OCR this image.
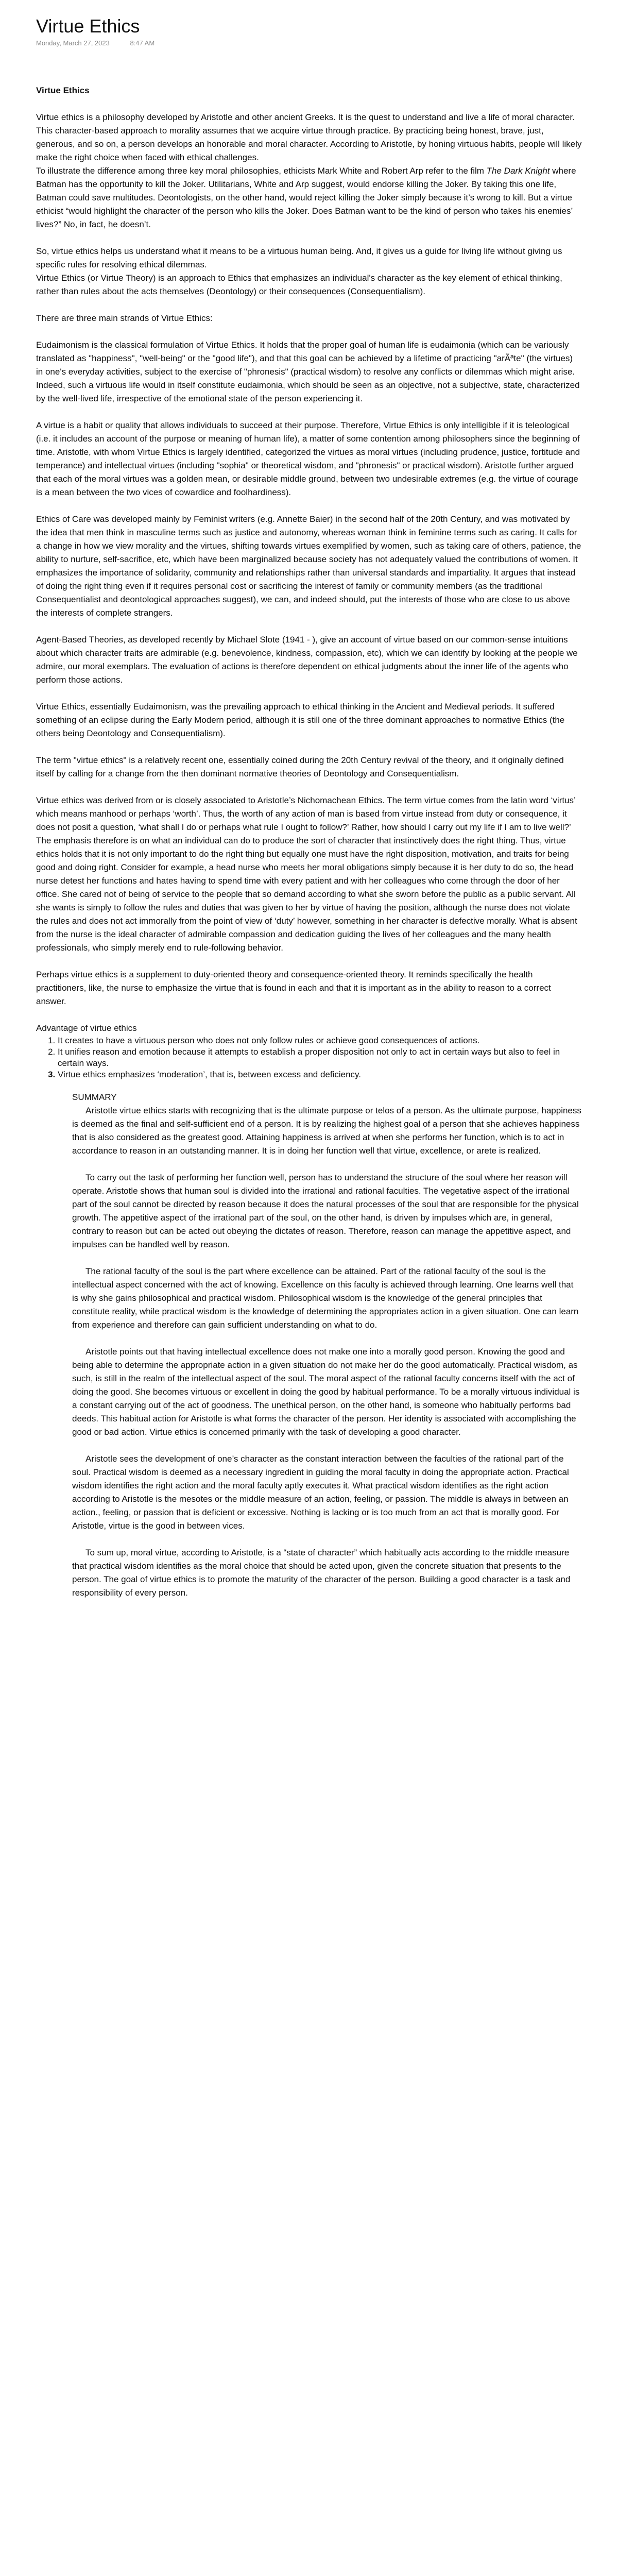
Virtue Ethics
Monday, March 27, 2023	8:47 AM

Virtue Ethics

Virtue ethics is a philosophy developed by Aristotle and other ancient Greeks. It is the quest to understand and live a life of moral character.

This character-based approach to morality assumes that we acquire virtue through practice. By practicing being honest, brave, just, generous, and so on, a person develops an honorable and moral character. According to Aristotle, by honing virtuous habits, people will likely make the right choice when faced with ethical challenges.

To illustrate the difference among three key moral philosophies, ethicists Mark White and Robert Arp refer to the film The Dark Knight where Batman has the opportunity to kill the Joker. Utilitarians, White and Arp suggest, would endorse killing the Joker. By taking this one life, Batman could save multitudes. Deontologists, on the other hand, would reject killing the Joker simply because it’s wrong to kill. But a virtue ethicist “would highlight the character of the person who kills the Joker. Does Batman want to be the kind of person who takes his enemies’ lives?” No, in fact, he doesn’t.

So, virtue ethics helps us understand what it means to be a virtuous human being. And, it gives us a guide for living life without giving us specific rules for resolving ethical dilemmas.

Virtue Ethics (or Virtue Theory) is an approach to Ethics that emphasizes an individual's character as the key element of ethical thinking, rather than rules about the acts themselves (Deontology) or their consequences (Consequentialism).

There are three main strands of Virtue Ethics:

Eudaimonism is the classical formulation of Virtue Ethics. It holds that the proper goal of human life is eudaimonia (which can be variously translated as "happiness", "well-being" or the "good life"), and that this goal can be achieved by a lifetime of practicing "arÃªte" (the virtues) in one's everyday activities, subject to the exercise of "phronesis" (practical wisdom) to resolve any conflicts or dilemmas which might arise. Indeed, such a virtuous life would in itself constitute eudaimonia, which should be seen as an objective, not a subjective, state, characterized by the well-lived life, irrespective of the emotional state of the person experiencing it.

A virtue is a habit or quality that allows individuals to succeed at their purpose. Therefore, Virtue Ethics is only intelligible if it is teleological (i.e. it includes an account of the purpose or meaning of human life), a matter of some contention among philosophers since the beginning of time. Aristotle, with whom Virtue Ethics is largely identified, categorized the virtues as moral virtues (including prudence, justice, fortitude and temperance) and intellectual virtues (including "sophia" or theoretical wisdom, and "phronesis" or practical wisdom). Aristotle further argued that each of the moral virtues was a golden mean, or desirable middle ground, between two undesirable extremes (e.g. the virtue of courage is a mean between the two vices of cowardice and foolhardiness).

Ethics of Care was developed mainly by Feminist writers (e.g. Annette Baier) in the second half of the 20th Century, and was motivated by the idea that men think in masculine terms such as justice and autonomy, whereas woman think in feminine terms such as caring. It calls for a change in how we view morality and the virtues, shifting towards virtues exemplified by women, such as taking care of others, patience, the ability to nurture, self-sacrifice, etc, which have been marginalized because society has not adequately valued the contributions of women. It emphasizes the importance of solidarity, community and relationships rather than universal standards and impartiality. It argues that instead of doing the right thing even if it requires personal cost or sacrificing the interest of family or community members (as the traditional Consequentialist and deontological approaches suggest), we can, and indeed should, put the interests of those who are close to us above the interests of complete strangers.

Agent-Based Theories, as developed recently by Michael Slote (1941 - ), give an account of virtue based on our common-sense intuitions about which character traits are admirable (e.g. benevolence, kindness, compassion, etc), which we can identify by looking at the people we admire, our moral exemplars. The evaluation of actions is therefore dependent on ethical judgments about the inner life of the agents who perform those actions.

Virtue Ethics, essentially Eudaimonism, was the prevailing approach to ethical thinking in the Ancient and Medieval periods. It suffered something of an eclipse during the Early Modern period, although it is still one of the three dominant approaches to normative Ethics (the others being Deontology and Consequentialism).

The term "virtue ethics" is a relatively recent one, essentially coined during the 20th Century revival of the theory, and it originally defined itself by calling for a change from the then dominant normative theories of Deontology and Consequentialism.

Virtue ethics was derived from or is closely associated to Aristotle’s Nichomachean Ethics. The term virtue comes from the latin word ‘virtus’ which means manhood or perhaps ‘worth’. Thus, the worth of any action of man is based from virtue instead from duty or consequence, it does not posit a question, ‘what shall I do or perhaps what rule I ought to follow?’ Rather, how should I carry out my life if I am to live well?’ The emphasis therefore is on what an individual can do to produce the sort of character that instinctively does the right thing. Thus, virtue ethics holds that it is not only important to do the right thing but equally one must have the right disposition, motivation, and traits for being good and doing right. Consider for example, a head nurse who meets her moral obligations simply because it is her duty to do so, the head nurse detest her functions and hates having to spend time with every patient and with her colleagues who come through the door of her office. She cared not of being of service to the people that so demand according to what she sworn before the public as a public servant. All she wants is simply to follow the rules and duties that was given to her by virtue of having the position, although the nurse does not violate the rules and does not act immorally from the point of view of ‘duty’ however, something in her character is defective morally. What is absent from the nurse is the ideal character of admirable compassion and dedication guiding the lives of her colleagues and the many health professionals, who simply merely end to rule-following behavior.

Perhaps virtue ethics is a supplement to duty-oriented theory and consequence-oriented theory. It reminds specifically the health practitioners, like, the nurse to emphasize the virtue that is found in each and that it is important as in the ability to reason to a correct answer.

Advantage of virtue ethics

1. It creates to have a virtuous person who does not only follow rules or achieve good consequences of actions.
2. It unifies reason and emotion because it attempts to establish a proper disposition not only to act in certain ways but also to feel in certain ways.
3. Virtue ethics emphasizes ‘moderation’, that is, between excess and deficiency.

SUMMARY

Aristotle virtue ethics starts with recognizing that is the ultimate purpose or telos of a person. As the ultimate purpose, happiness is deemed as the final and self-sufficient end of a person. It is by realizing the highest goal of a person that she achieves happiness that is also considered as the greatest good. Attaining happiness is arrived at when she performs her function, which is to act in accordance to reason in an outstanding manner. It is in doing her function well that virtue, excellence, or arete is realized.

To carry out the task of performing her function well, person has to understand the structure of the soul where her reason will operate. Aristotle shows that human soul is divided into the irrational and rational faculties. The vegetative aspect of the irrational part of the soul cannot be directed by reason because it does the natural processes of the soul that are responsible for the physical growth. The appetitive aspect of the irrational part of the soul, on the other hand, is driven by impulses which are, in general, contrary to reason but can be acted out obeying the dictates of reason. Therefore, reason can manage the appetitive aspect, and impulses can be handled well by reason.

The rational faculty of the soul is the part where excellence can be attained. Part of the rational faculty of the soul is the intellectual aspect concerned with the act of knowing. Excellence on this faculty is achieved through learning. One learns well that is why she gains philosophical and practical wisdom. Philosophical wisdom is the knowledge of the general principles that constitute reality, while practical wisdom is the knowledge of determining the appropriates action in a given situation. One can learn from experience and therefore can gain sufficient understanding on what to do.

Aristotle points out that having intellectual excellence does not make one into a morally good person. Knowing the good and being able to determine the appropriate action in a given situation do not make her do the good automatically. Practical wisdom, as such, is still in the realm of the intellectual aspect of the soul. The moral aspect of the rational faculty concerns itself with the act of doing the good. She becomes virtuous or excellent in doing the good by habitual performance. To be a morally virtuous individual is a constant carrying out of the act of goodness. The unethical person, on the other hand, is someone who habitually performs bad deeds. This habitual action for Aristotle is what forms the character of the person. Her identity is associated with accomplishing the good or bad action. Virtue ethics is concerned primarily with the task of developing a good character.

Aristotle sees the development of one’s character as the constant interaction between the faculties of the rational part of the soul. Practical wisdom is deemed as a necessary ingredient in guiding the moral faculty in doing the appropriate action. Practical wisdom identifies the right action and the moral faculty aptly executes it. What practical wisdom identifies as the right action according to Aristotle is the mesotes or the middle measure of an action, feeling, or passion. The middle is always in between an action., feeling, or passion that is deficient or excessive. Nothing is lacking or is too much from an act that is morally good. For Aristotle, virtue is the good in between vices.

To sum up, moral virtue, according to Aristotle, is a “state of character” which habitually acts according to the middle measure that practical wisdom identifies as the moral choice that should be acted upon, given the concrete situation that presents to the person. The goal of virtue ethics is to promote the maturity of the character of the person. Building a good character is a task and responsibility of every person.
